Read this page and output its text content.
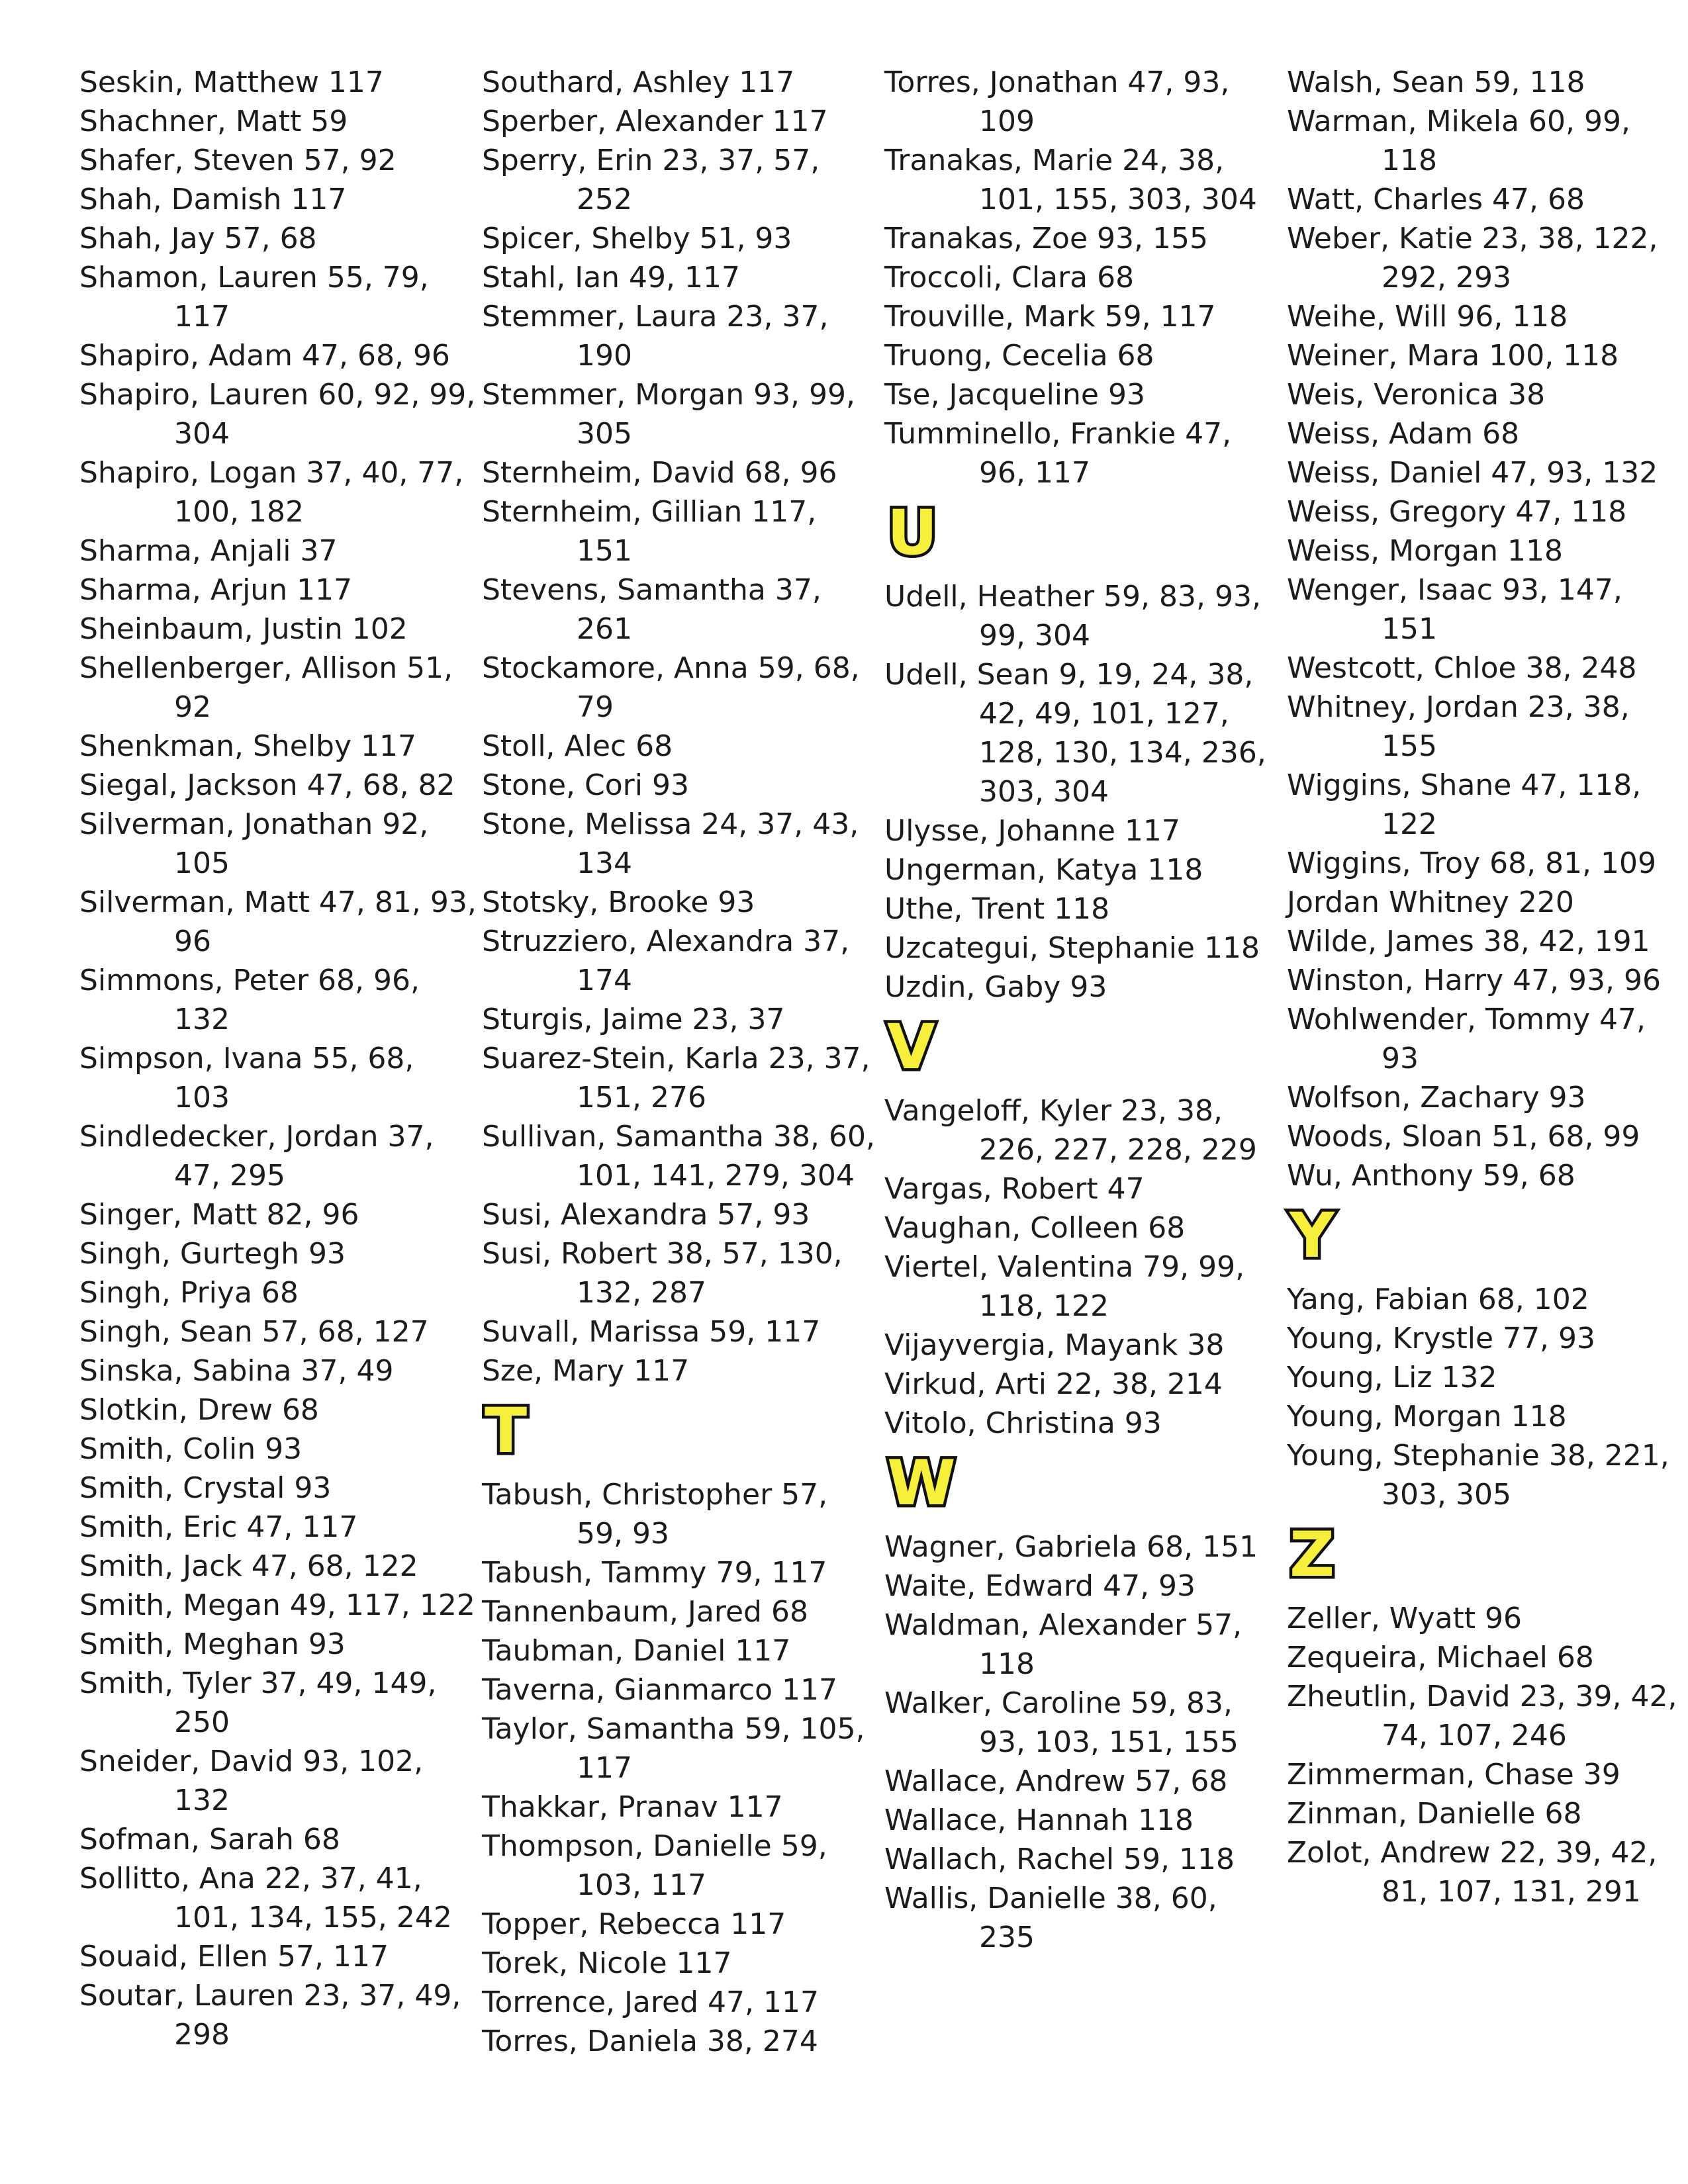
Seskin, Matthew 117
Shachner, Matt 59
Shafer, Steven 57, 92
Shah, Damish 117
Shah, Jay 57, 68
Shamon, Lauren 55, 79, 117
Shapiro, Adam 47, 68, 96
Shapiro, Lauren 60, 92, 99, 304
Shapiro, Logan 37, 40, 77, 100, 182
Sharma, Anjali 37
Sharma, Arjun 117
Sheinbaum, Justin 102
Shellenberger, Allison 51, 92
Shenkman, Shelby 117
Siegal, Jackson 47, 68, 82
Silverman, Jonathan 92, 105
Silverman, Matt 47, 81, 93, 96
Simmons, Peter 68, 96, 132
Simpson, Ivana 55, 68, 103
Sindledecker, Jordan 37, 47, 295
Singer, Matt 82, 96
Singh, Gurtegh 93
Singh, Priya 68
Singh, Sean 57, 68, 127
Sinska, Sabina 37, 49
Slotkin, Drew 68
Smith, Colin 93
Smith, Crystal 93
Smith, Eric 47, 117
Smith, Jack 47, 68, 122
Smith, Megan 49, 117, 122
Smith, Meghan 93
Smith, Tyler 37, 49, 149, 250
Sneider, David 93, 102, 132
Sofman, Sarah 68
Sollitto, Ana 22, 37, 41, 101, 134, 155, 242
Souaid, Ellen 57, 117
Soutar, Lauren 23, 37, 49, 298
Southard, Ashley 117
Sperber, Alexander 117
Sperry, Erin 23, 37, 57, 252
Spicer, Shelby 51, 93
Stahl, Ian 49, 117
Stemmer, Laura 23, 37, 190
Stemmer, Morgan 93, 99, 305
Sternheim, David 68, 96
Sternheim, Gillian 117, 151
Stevens, Samantha 37, 261
Stockamore, Anna 59, 68, 79
Stoll, Alec 68
Stone, Cori 93
Stone, Melissa 24, 37, 43, 134
Stotsky, Brooke 93
Struzziero, Alexandra 37, 174
Sturgis, Jaime 23, 37
Suarez-Stein, Karla 23, 37, 151, 276
Sullivan, Samantha 38, 60, 101, 141, 279, 304
Susi, Alexandra 57, 93
Susi, Robert 38, 57, 130, 132, 287
Suvall, Marissa 59, 117
Sze, Mary 117
T
Tabush, Christopher 57, 59, 93
Tabush, Tammy 79, 117
Tannenbaum, Jared 68
Taubman, Daniel 117
Taverna, Gianmarco 117
Taylor, Samantha 59, 105, 117
Thakkar, Pranav 117
Thompson, Danielle 59, 103, 117
Topper, Rebecca 117
Torek, Nicole 117
Torrence, Jared 47, 117
Torres, Daniela 38, 274
Torres, Jonathan 47, 93, 109
Tranakas, Marie 24, 38, 101, 155, 303, 304
Tranakas, Zoe 93, 155
Troccoli, Clara 68
Trouville, Mark 59, 117
Truong, Cecelia 68
Tse, Jacqueline 93
Tumminello, Frankie 47, 96, 117
U
Udell, Heather 59, 83, 93, 99, 304
Udell, Sean 9, 19, 24, 38, 42, 49, 101, 127, 128, 130, 134, 236, 303, 304
Ulysse, Johanne 117
Ungerman, Katya 118
Uthe, Trent 118
Uzcategui, Stephanie 118
Uzdin, Gaby 93
V
Vangeloff, Kyler 23, 38, 226, 227, 228, 229
Vargas, Robert 47
Vaughan, Colleen 68
Viertel, Valentina 79, 99, 118, 122
Vijayvergia, Mayank 38
Virkud, Arti 22, 38, 214
Vitolo, Christina 93
W
Wagner, Gabriela 68, 151
Waite, Edward 47, 93
Waldman, Alexander 57, 118
Walker, Caroline 59, 83, 93, 103, 151, 155
Wallace, Andrew 57, 68
Wallace, Hannah 118
Wallach, Rachel 59, 118
Wallis, Danielle 38, 60, 235
Walsh, Sean 59, 118
Warman, Mikela 60, 99, 118
Watt, Charles 47, 68
Weber, Katie 23, 38, 122, 292, 293
Weihe, Will 96, 118
Weiner, Mara 100, 118
Weis, Veronica 38
Weiss, Adam 68
Weiss, Daniel 47, 93, 132
Weiss, Gregory 47, 118
Weiss, Morgan 118
Wenger, Isaac 93, 147, 151
Westcott, Chloe 38, 248
Whitney, Jordan 23, 38, 155
Wiggins, Shane 47, 118, 122
Wiggins, Troy 68, 81, 109
Jordan Whitney 220
Wilde, James 38, 42, 191
Winston, Harry 47, 93, 96
Wohlwender, Tommy 47, 93
Wolfson, Zachary 93
Woods, Sloan 51, 68, 99
Wu, Anthony 59, 68
Y
Yang, Fabian 68, 102
Young, Krystle 77, 93
Young, Liz 132
Young, Morgan 118
Young, Stephanie 38, 221, 303, 305
Z
Zeller, Wyatt 96
Zequeira, Michael 68
Zheutlin, David 23, 39, 42, 74, 107, 246
Zimmerman, Chase 39
Zinman, Danielle 68
Zolot, Andrew 22, 39, 42, 81, 107, 131, 291
